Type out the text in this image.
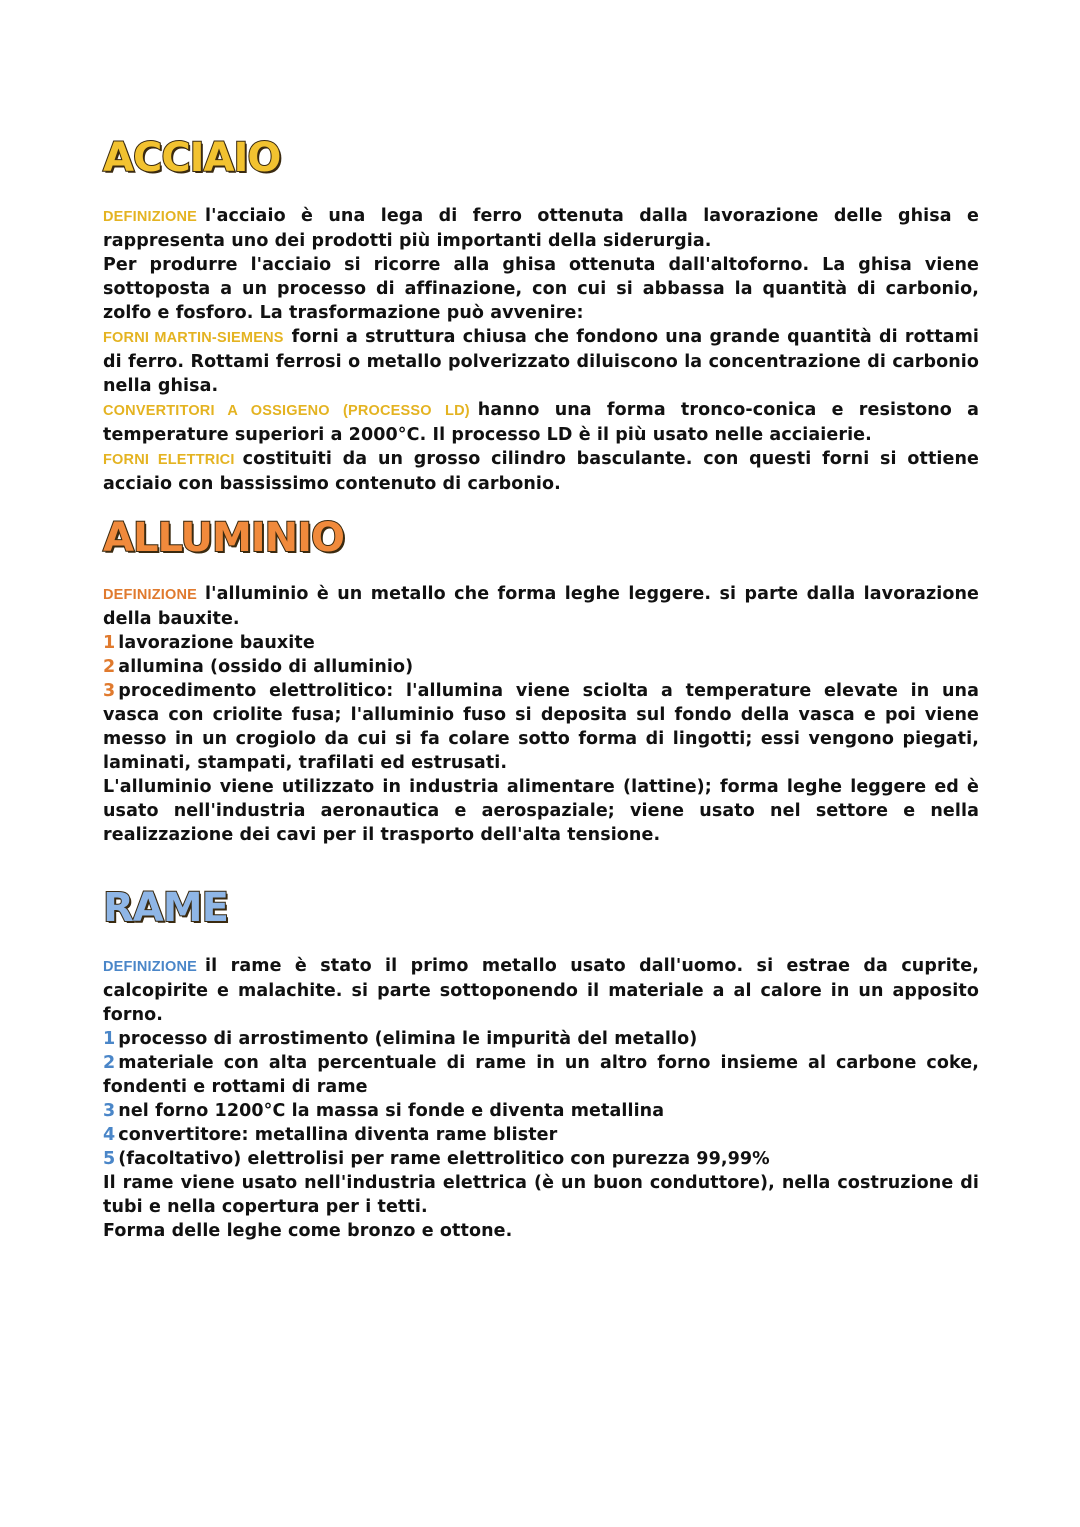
ACCIAIO

DEFINIZIONE l'acciaio è una lega di ferro ottenuta dalla lavorazione delle ghisa e rappresenta uno dei prodotti più importanti della siderurgia.

Per produrre l'acciaio si ricorre alla ghisa ottenuta dall'altoforno. La ghisa viene sottoposta a un processo di affinazione, con cui si abbassa la quantità di carbonio, zolfo e fosforo. La trasformazione può avvenire:

FORNI MARTIN-SIEMENS forni a struttura chiusa che fondono una grande quantità di rottami di ferro. Rottami ferrosi o metallo polverizzato diluiscono la concentrazione di carbonio nella ghisa.

CONVERTITORI A OSSIGENO (PROCESSO LD) hanno una forma tronco-conica e resistono a temperature superiori a 2000°C. Il processo LD è il più usato nelle acciaierie.

FORNI ELETTRICI costituiti da un grosso cilindro basculante. con questi forni si ottiene acciaio con bassissimo contenuto di carbonio.

ALLUMINIO

DEFINIZIONE l'alluminio è un metallo che forma leghe leggere. si parte dalla lavorazione della bauxite.

1 lavorazione bauxite

2 allumina (ossido di alluminio)

3 procedimento elettrolitico: l'allumina viene sciolta a temperature elevate in una vasca con criolite fusa; l'alluminio fuso si deposita sul fondo della vasca e poi viene messo in un crogiolo da cui si fa colare sotto forma di lingotti; essi vengono piegati, laminati, stampati, trafilati ed estrusati.

L'alluminio viene utilizzato in industria alimentare (lattine); forma leghe leggere ed è usato nell'industria aeronautica e aerospaziale; viene usato nel settore e nella realizzazione dei cavi per il trasporto dell'alta tensione.

RAME

DEFINIZIONE il rame è stato il primo metallo usato dall'uomo. si estrae da cuprite, calcopirite e malachite. si parte sottoponendo il materiale a al calore in un apposito forno.

1 processo di arrostimento (elimina le impurità del metallo)

2 materiale con alta percentuale di rame in un altro forno insieme al carbone coke, fondenti e rottami di rame

3 nel forno 1200°C la massa si fonde e diventa metallina

4 convertitore: metallina diventa rame blister

5 (facoltativo) elettrolisi per rame elettrolitico con purezza 99,99%

Il rame viene usato nell'industria elettrica (è un buon conduttore), nella costruzione di tubi e nella copertura per i tetti.

Forma delle leghe come bronzo e ottone.
